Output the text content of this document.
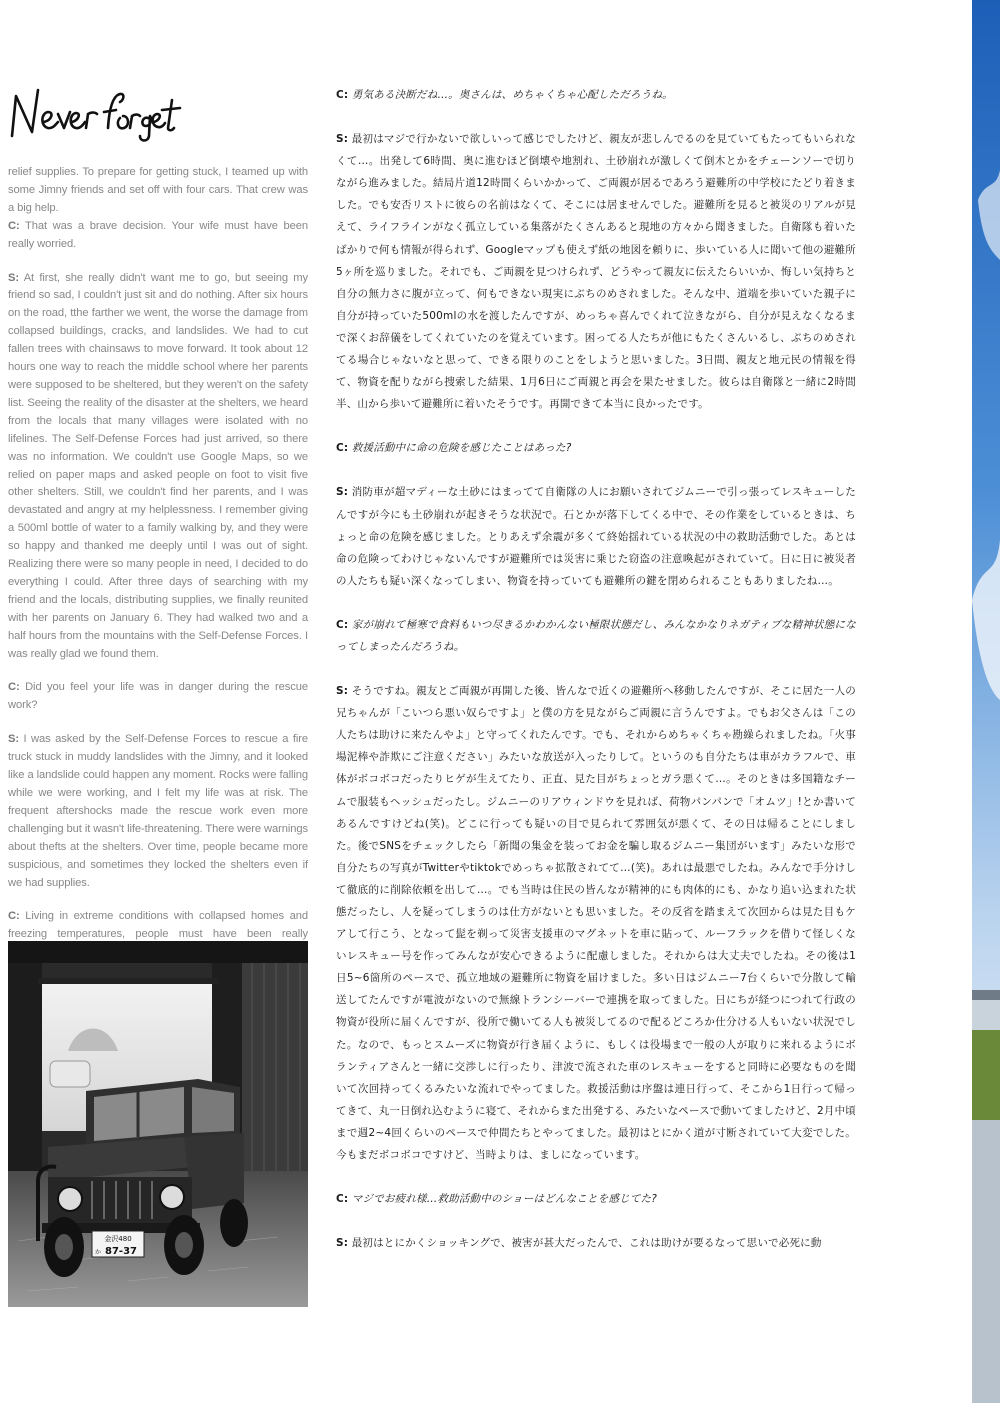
relief supplies. To prepare for getting stuck, I teamed up with some Jimny friends and set off with four cars. That crew was a big help.

C: That was a brave decision. Your wife must have been really worried.

S: At first, she really didn't want me to go, but seeing my friend so sad, I couldn't just sit and do nothing. After six hours on the road, tthe farther we went, the worse the damage from collapsed buildings, cracks, and landslides. We had to cut fallen trees with chainsaws to move forward. It took about 12 hours one way to reach the middle school where her parents were supposed to be sheltered, but they weren't on the safety list. Seeing the reality of the disaster at the shelters, we heard from the locals that many villages were isolated with no lifelines. The Self-Defense Forces had just arrived, so there was no information. We couldn't use Google Maps, so we relied on paper maps and asked people on foot to visit five other shelters. Still, we couldn't find her parents, and I was devastated and angry at my helplessness. I remember giving a 500ml bottle of water to a family walking by, and they were so happy and thanked me deeply until I was out of sight. Realizing there were so many people in need, I decided to do everything I could. After three days of searching with my friend and the locals, distributing supplies, we finally reunited with her parents on January 6. They had walked two and a half hours from the mountains with the Self-Defense Forces. I was really glad we found them.

C: Did you feel your life was in danger during the rescue work?

S: I was asked by the Self-Defense Forces to rescue a fire truck stuck in muddy landslides with the Jimny, and it looked like a landslide could happen any moment. Rocks were falling while we were working, and I felt my life was at risk. The frequent aftershocks made the rescue work even more challenging but it wasn't life-threatening. There were warnings about thefts at the shelters. Over time, people became more suspicious, and sometimes they locked the shelters even if we had supplies.

C: Living in extreme conditions with collapsed homes and freezing temperatures, people must have been really

金沢480
か 87-37

C: 勇気ある決断だね…。奥さんは、めちゃくちゃ心配しただろうね。

S: 最初はマジで行かないで欲しいって感じでしたけど、親友が悲しんでるのを見ていてもたってもいられなくて…。出発して6時間、奥に進むほど倒壊や地割れ、土砂崩れが激しくて倒木とかをチェーンソーで切りながら進みました。結局片道12時間くらいかかって、ご両親が居るであろう避難所の中学校にたどり着きました。でも安否リストに彼らの名前はなくて、そこには居ませんでした。避難所を見ると被災のリアルが見えて、ライフラインがなく孤立している集落がたくさんあると現地の方々から聞きました。自衛隊も着いたばかりで何も情報が得られず、Googleマップも使えず紙の地図を頼りに、歩いている人に聞いて他の避難所5ヶ所を巡りました。それでも、ご両親を見つけられず、どうやって親友に伝えたらいいか、悔しい気持ちと自分の無力さに腹が立って、何もできない現実にぶちのめされました。そんな中、道端を歩いていた親子に自分が持っていた500mlの水を渡したんですが、めっちゃ喜んでくれて泣きながら、自分が見えなくなるまで深くお辞儀をしてくれていたのを覚えています。困ってる人たちが他にもたくさんいるし、ぶちのめされてる場合じゃないなと思って、できる限りのことをしようと思いました。3日間、親友と地元民の情報を得て、物資を配りながら捜索した結果、1月6日にご両親と再会を果たせました。彼らは自衛隊と一緒に2時間半、山から歩いて避難所に着いたそうです。再開できて本当に良かったです。

C: 救援活動中に命の危険を感じたことはあった?

S: 消防車が超マディーな土砂にはまってて自衛隊の人にお願いされてジムニーで引っ張ってレスキューしたんですが今にも土砂崩れが起きそうな状況で。石とかが落下してくる中で、その作業をしているときは、ちょっと命の危険を感じました。とりあえず余震が多くて終始揺れている状況の中の救助活動でした。あとは命の危険ってわけじゃないんですが避難所では災害に乗じた窃盗の注意喚起がされていて。日に日に被災者の人たちも疑い深くなってしまい、物資を持っていても避難所の鍵を閉められることもありましたね…。

C: 家が崩れて極寒で食料もいつ尽きるかわかんない極限状態だし、みんなかなりネガティブな精神状態になってしまったんだろうね。

S: そうですね。親友とご両親が再開した後、皆んなで近くの避難所へ移動したんですが、そこに居た一人の兄ちゃんが「こいつら悪い奴らですよ」と僕の方を見ながらご両親に言うんですよ。でもお父さんは「この人たちは助けに来たんやよ」と守ってくれたんです。でも、それからめちゃくちゃ勘繰られましたね。「火事場泥棒や詐欺にご注意ください」みたいな放送が入ったりして。というのも自分たちは車がカラフルで、車体がボコボコだったりヒゲが生えてたり、正直、見た目がちょっとガラ悪くて…。そのときは多国籍なチームで服装もヘッシュだったし。ジムニーのリアウィンドウを見れば、荷物パンパンで「オムツ」!とか書いてあるんですけどね(笑)。どこに行っても疑いの目で見られて雰囲気が悪くて、その日は帰ることにしました。後でSNSをチェックしたら「新聞の集金を装ってお金を騙し取るジムニー集団がいます」みたいな形で自分たちの写真がTwitterやtiktokでめっちゃ拡散されてて…(笑)。あれは最悪でしたね。みんなで手分けして徹底的に削除依頼を出して…。でも当時は住民の皆んなが精神的にも肉体的にも、かなり追い込まれた状態だったし、人を疑ってしまうのは仕方がないとも思いました。その反省を踏まえて次回からは見た目もケアして行こう、となって髭を剃って災害支援車のマグネットを車に貼って、ルーフラックを借りて怪しくないレスキュー号を作ってみんなが安心できるように配慮しました。それからは大丈夫でしたね。その後は1日5~6箇所のペースで、孤立地域の避難所に物資を届けました。多い日はジムニー7台くらいで分散して輸送してたんですが電波がないので無線トランシーバーで連携を取ってました。日にちが経つにつれて行政の物資が役所に届くんですが、役所で働いてる人も被災してるので配るどころか仕分ける人もいない状況でした。なので、もっとスムーズに物資が行き届くように、もしくは役場まで一般の人が取りに来れるようにボランティアさんと一緒に交渉しに行ったり、津波で流された車のレスキューをすると同時に必要なものを聞いて次回持ってくるみたいな流れでやってました。救援活動は序盤は連日行って、そこから1日行って帰ってきて、丸一日倒れ込むように寝て、それからまた出発する、みたいなペースで動いてましたけど、2月中頃まで週2~4回くらいのペースで仲間たちとやってました。最初はとにかく道が寸断されていて大変でした。今もまだボコボコですけど、当時よりは、ましになっています。

C: マジでお疲れ様…救助活動中のショーはどんなことを感じてた?

S: 最初はとにかくショッキングで、被害が甚大だったんで、これは助けが要るなって思いで必死に動
